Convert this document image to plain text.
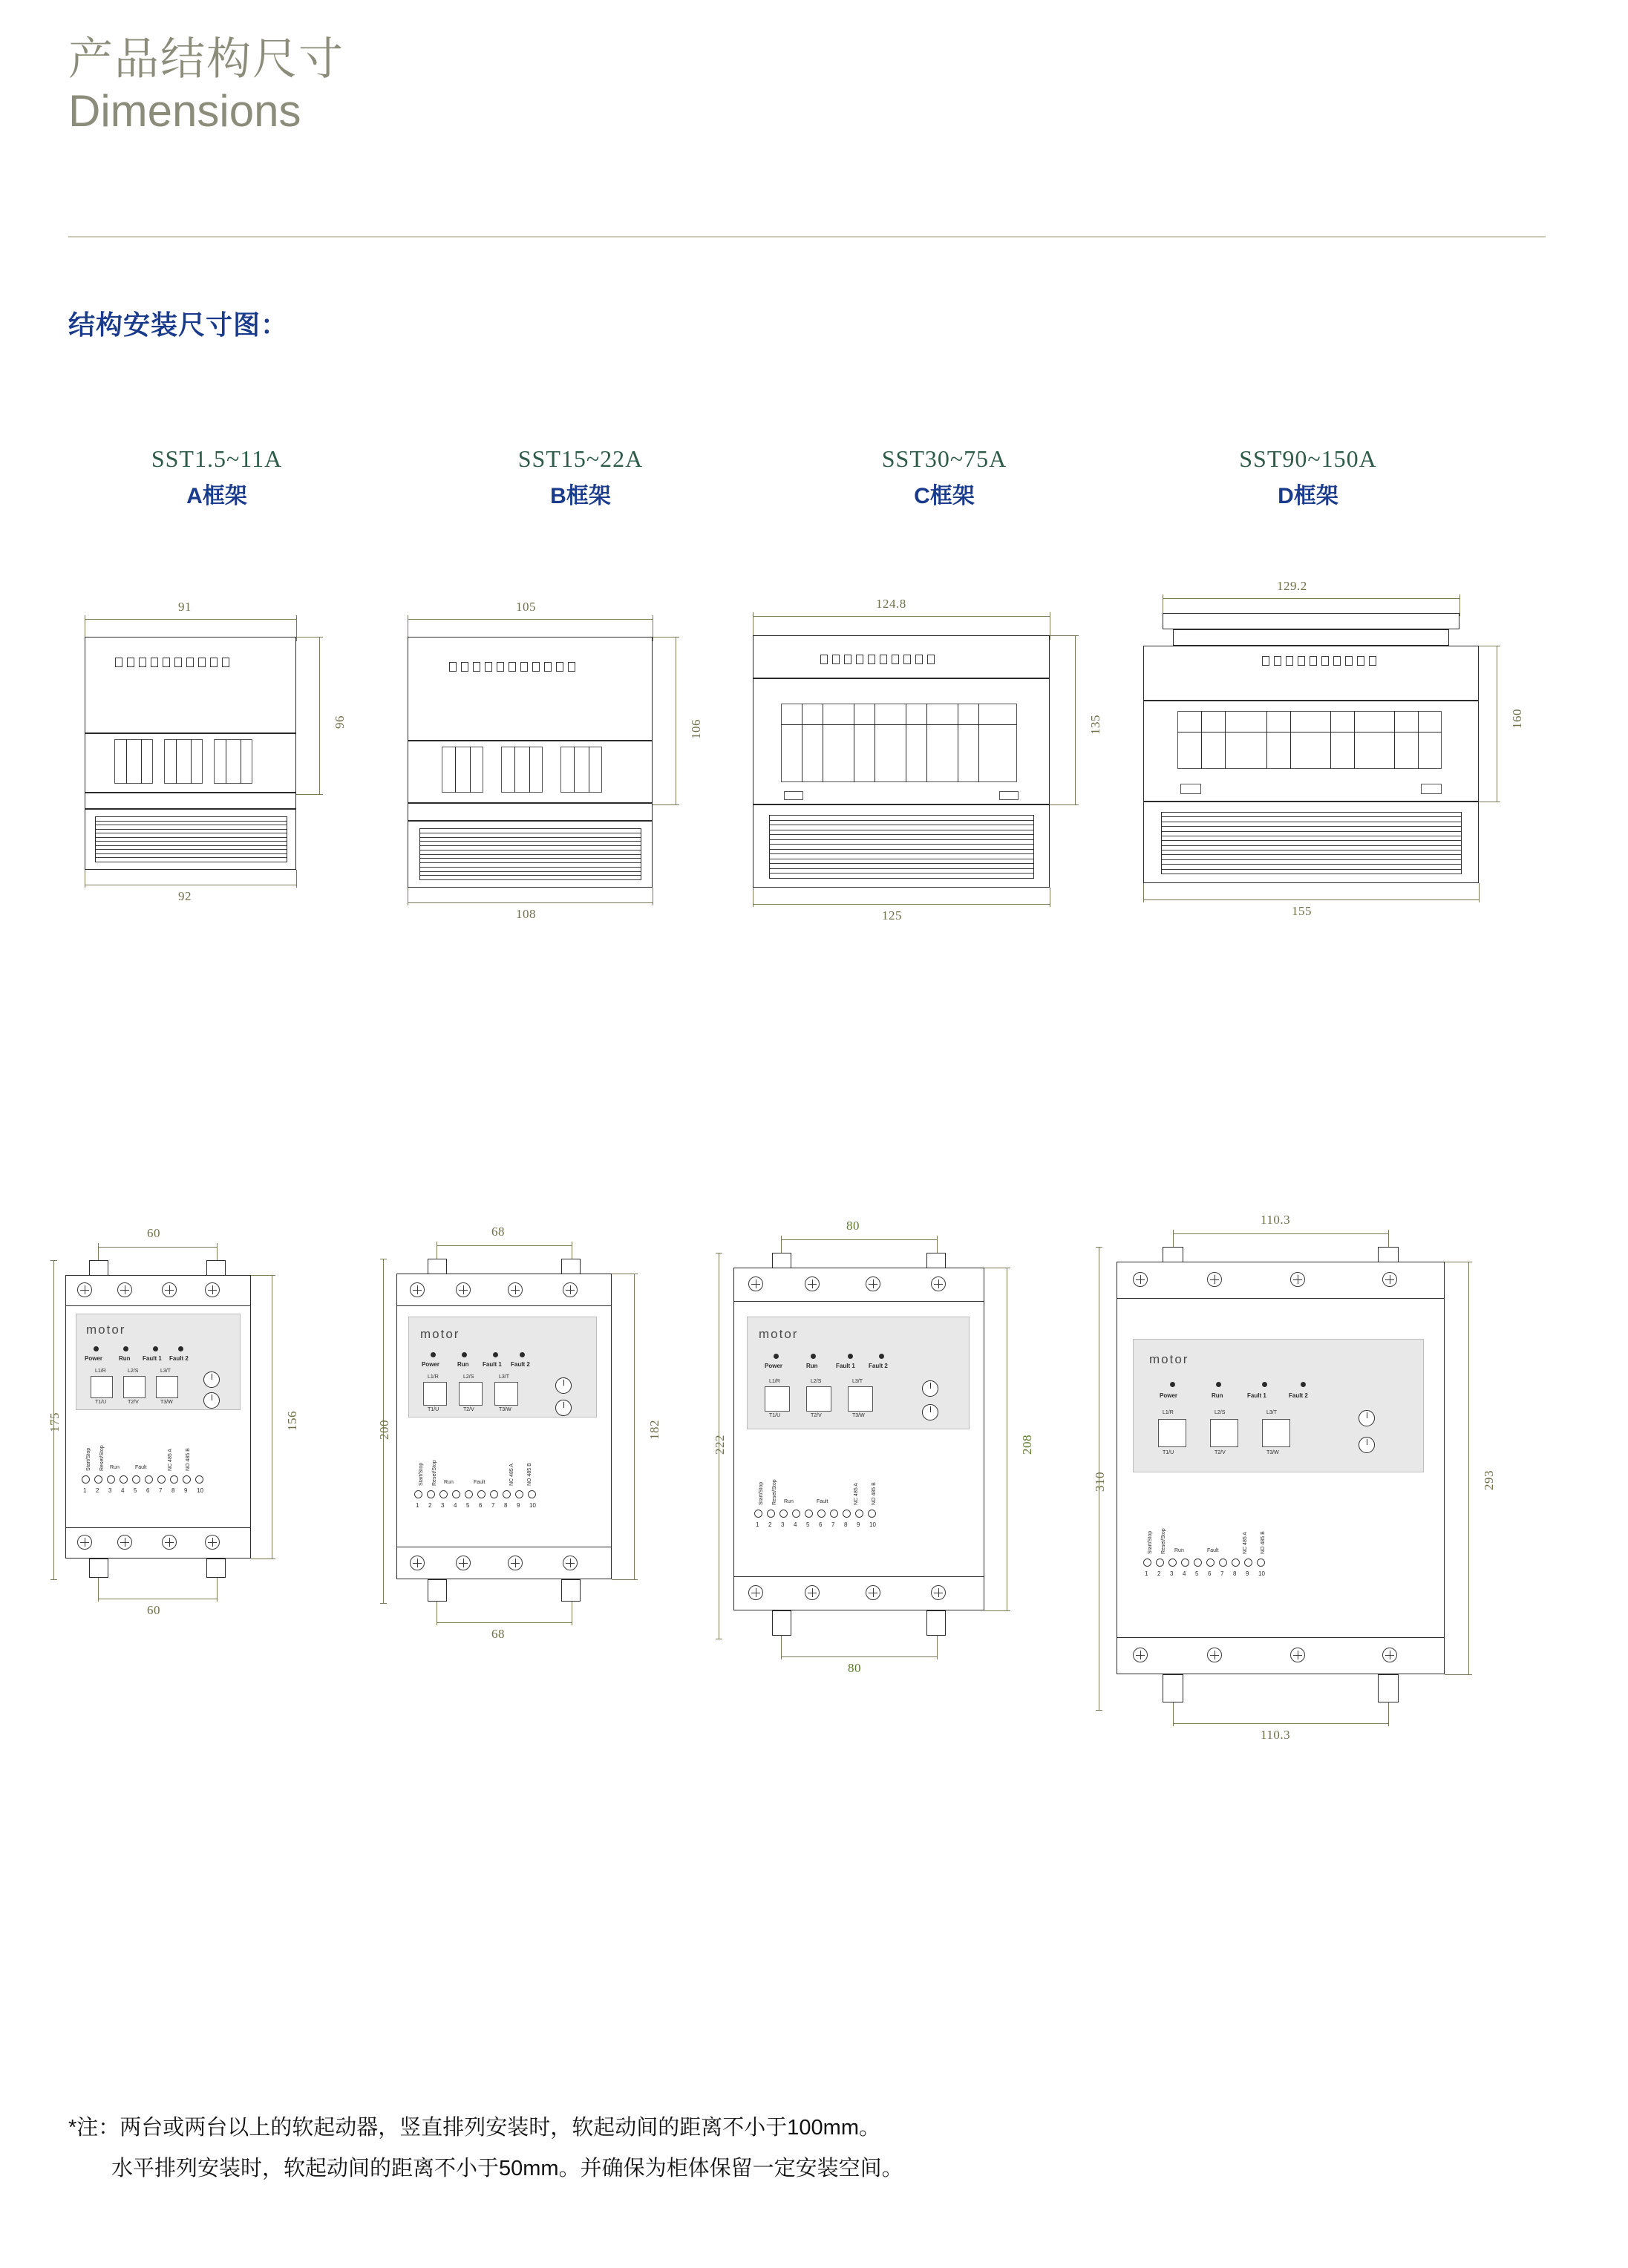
产品结构尺寸
Dimensions
结构安装尺寸图：
SST1.5~11A
A框架
SST15~22A
B框架
SST30~75A
C框架
SST90~150A
D框架
91
96
92
105
106
108
124.8
135
125
129.2
160
155
60
motor
Power	Run Fault 1 Fault 2
L1/R	L2/S	L3/T
T1/U	T2/V	T3/W
1	2	3	4	5	6	7	8	9	10
Start/Stop Reset/Stop Run	Fault	NC 485 A NO 485 B
175	156
60
68
motor
Power	Run Fault 1 Fault 2
L1/R	L2/S	L3/T
T1/U	T2/V	T3/W
1	2	3	4	5	6	7	8	9	10
Start/Stop Reset/Stop Run	Fault	NC 485 A NO 485 B
200	182
68
80
motor
Power	Run	Fault 1 Fault 2
L1/R	L2/S	L3/T
T1/U	T2/V	T3/W
1	2	3	4	5	6	7	8	9	10
Start/Stop Reset/Stop Run	Fault	NC 485 A NO 485 B
222	208
80
110.3
motor
Power	Run	Fault 1	Fault 2
L1/R	L2/S	L3/T
T1/U	T2/V	T3/W
1	2	3	4	5	6	7	8	9	10
Start/Stop Reset/Stop Run	Fault	NC 485 A NO 485 B
310	293
110.3
*注：两台或两台以上的软起动器，竖直排列安装时，软起动间的距离不小于100mm。
水平排列安装时，软起动间的距离不小于50mm。并确保为柜体保留一定安装空间。
